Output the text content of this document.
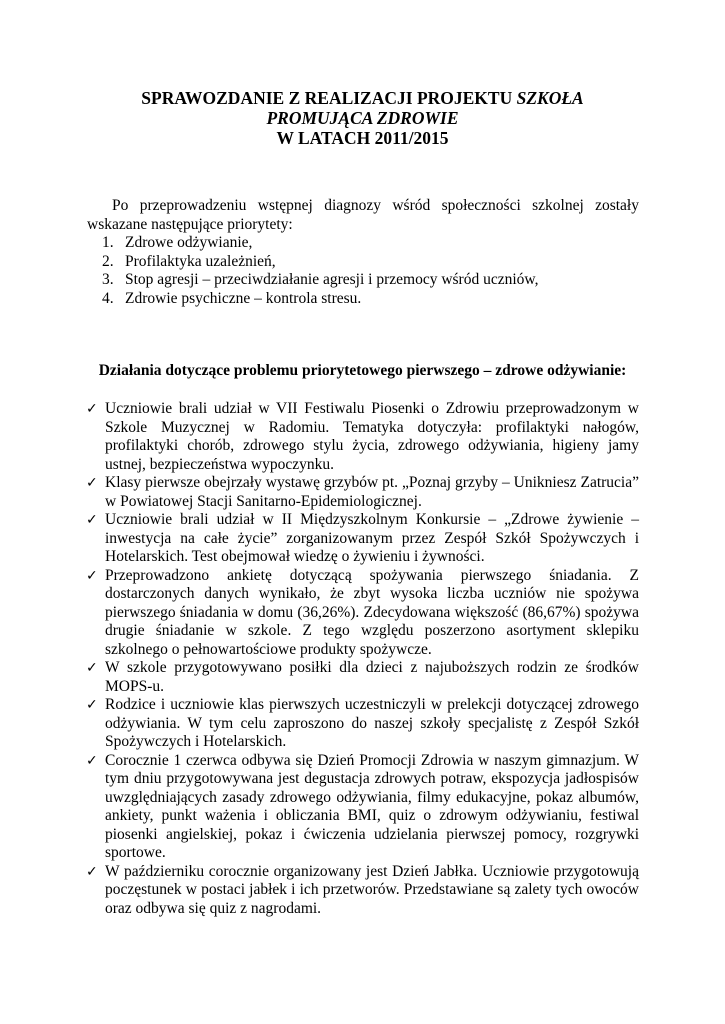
SPRAWOZDANIE Z REALIZACJI PROJEKTU SZKOŁA
PROMUJĄCA ZDROWIE
W LATACH 2011/2015
Po przeprowadzeniu wstępnej diagnozy wśród społeczności szkolnej zostały wskazane następujące priorytety:
1. Zdrowe odżywianie,
2. Profilaktyka uzależnień,
3. Stop agresji – przeciwdziałanie agresji i przemocy wśród uczniów,
4. Zdrowie psychiczne – kontrola stresu.
Działania dotyczące problemu priorytetowego pierwszego – zdrowe odżywianie:
✓ Uczniowie brali udział w VII Festiwalu Piosenki o Zdrowiu przeprowadzonym w Szkole Muzycznej w Radomiu. Tematyka dotyczyła: profilaktyki nałogów, profilaktyki chorób, zdrowego stylu życia, zdrowego odżywiania, higieny jamy ustnej, bezpieczeństwa wypoczynku.
✓ Klasy pierwsze obejrzały wystawę grzybów pt. „Poznaj grzyby – Unikniesz Zatrucia” w Powiatowej Stacji Sanitarno-Epidemiologicznej.
✓ Uczniowie brali udział w II Międzyszkolnym Konkursie – „Zdrowe żywienie – inwestycja na całe życie” zorganizowanym przez Zespół Szkół Spożywczych i Hotelarskich. Test obejmował wiedzę o żywieniu i żywności.
✓ Przeprowadzono ankietę dotyczącą spożywania pierwszego śniadania. Z dostarczonych danych wynikało, że zbyt wysoka liczba uczniów nie spożywa pierwszego śniadania w domu (36,26%). Zdecydowana większość (86,67%) spożywa drugie śniadanie w szkole. Z tego względu poszerzono asortyment sklepiku szkolnego o pełnowartościowe produkty spożywcze.
✓ W szkole przygotowywano posiłki dla dzieci z najuboższych rodzin ze środków MOPS-u.
✓ Rodzice i uczniowie klas pierwszych uczestniczyli w prelekcji dotyczącej zdrowego odżywiania. W tym celu zaproszono do naszej szkoły specjalistę z Zespół Szkół Spożywczych i Hotelarskich.
✓ Corocznie 1 czerwca odbywa się Dzień Promocji Zdrowia w naszym gimnazjum. W tym dniu przygotowywana jest degustacja zdrowych potraw, ekspozycja jadłospisów uwzględniających zasady zdrowego odżywiania, filmy edukacyjne, pokaz albumów, ankiety, punkt ważenia i obliczania BMI, quiz o zdrowym odżywianiu, festiwal piosenki angielskiej, pokaz i ćwiczenia udzielania pierwszej pomocy, rozgrywki sportowe.
✓ W październiku corocznie organizowany jest Dzień Jabłka. Uczniowie przygotowują poczęstunek w postaci jabłek i ich przetworów. Przedstawiane są zalety tych owoców oraz odbywa się quiz z nagrodami.
